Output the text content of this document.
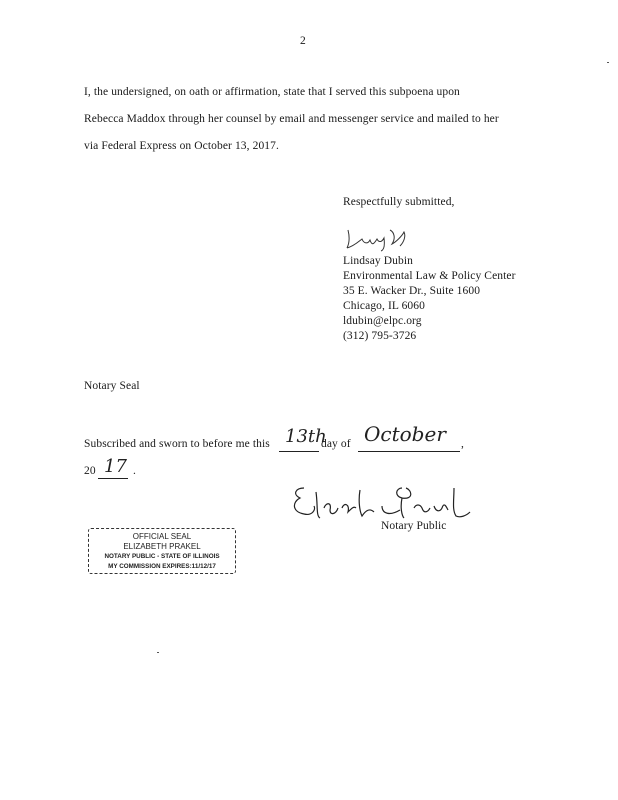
2
I, the undersigned, on oath or affirmation, state that I served this subpoena upon
Rebecca Maddox through her counsel by email and messenger service and mailed to her
via Federal Express on October 13, 2017.
Respectfully submitted,
Lindsay Dubin
Environmental Law & Policy Center
35 E. Wacker Dr., Suite 1600
Chicago, IL 6060
ldubin@elpc.org
(312) 795-3726
Notary Seal
Subscribed and sworn to before me this 13th
day of October ,
20 17 .
Notary Public
OFFICIAL SEAL
ELIZABETH PRAKEL
NOTARY PUBLIC - STATE OF ILLINOIS
MY COMMISSION EXPIRES:11/12/17
